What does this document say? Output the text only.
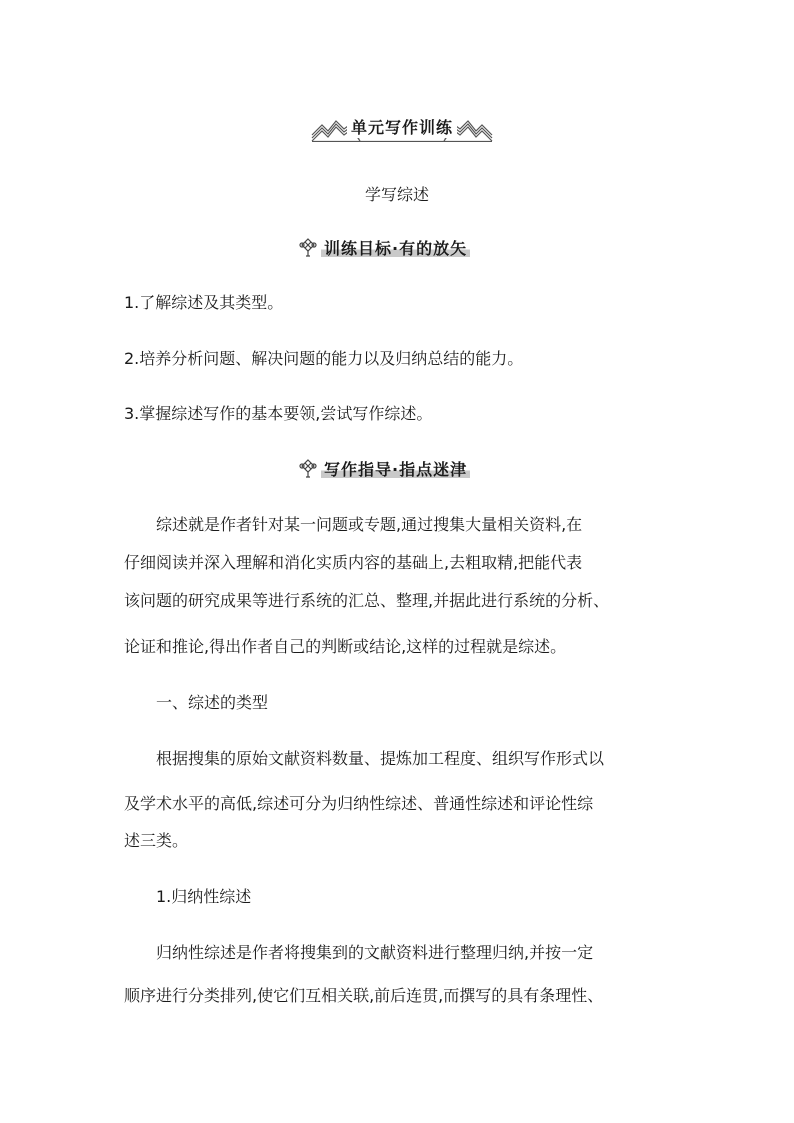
单元写作训练
学写综述
训练目标·有的放矢
1.了解综述及其类型。
2.培养分析问题、解决问题的能力以及归纳总结的能力。
3.掌握综述写作的基本要领,尝试写作综述。
写作指导·指点迷津
综述就是作者针对某一问题或专题,通过搜集大量相关资料,在
仔细阅读并深入理解和消化实质内容的基础上,去粗取精,把能代表
该问题的研究成果等进行系统的汇总、整理,并据此进行系统的分析、
论证和推论,得出作者自己的判断或结论,这样的过程就是综述。
一、综述的类型
根据搜集的原始文献资料数量、提炼加工程度、组织写作形式以
及学术水平的高低,综述可分为归纳性综述、普通性综述和评论性综
述三类。
1.归纳性综述
归纳性综述是作者将搜集到的文献资料进行整理归纳,并按一定
顺序进行分类排列,使它们互相关联,前后连贯,而撰写的具有条理性、
